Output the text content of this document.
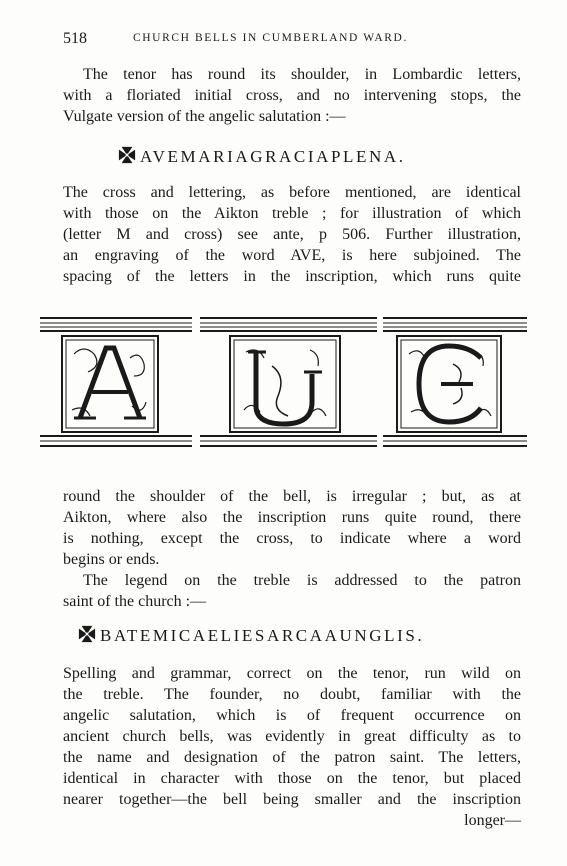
518	CHURCH BELLS IN CUMBERLAND WARD.

The tenor has round its shoulder, in Lombardic letters,
with a floriated initial cross, and no intervening stops, the
Vulgate version of the angelic salutation :—

AVEMARIAGRACIAPLENA.

The cross and lettering, as before mentioned, are identical
with those on the Aikton treble ; for illustration of which
(letter M and cross) see ante, p 506. Further illustration,
an engraving of the word AVE, is here subjoined. The
spacing of the letters in the inscription, which runs quite

round the shoulder of the bell, is irregular ; but, as at
Aikton, where also the inscription runs quite round, there
is nothing, except the cross, to indicate where a word
begins or ends.

The legend on the treble is addressed to the patron
saint of the church :—

BATEMICAELIESARCAAUNGLIS.

Spelling and grammar, correct on the tenor, run wild on
the treble. The founder, no doubt, familiar with the
angelic salutation, which is of frequent occurrence on
ancient church bells, was evidently in great difficulty as to
the name and designation of the patron saint. The letters,
identical in character with those on the tenor, but placed
nearer together—the bell being smaller and the inscription
longer—
